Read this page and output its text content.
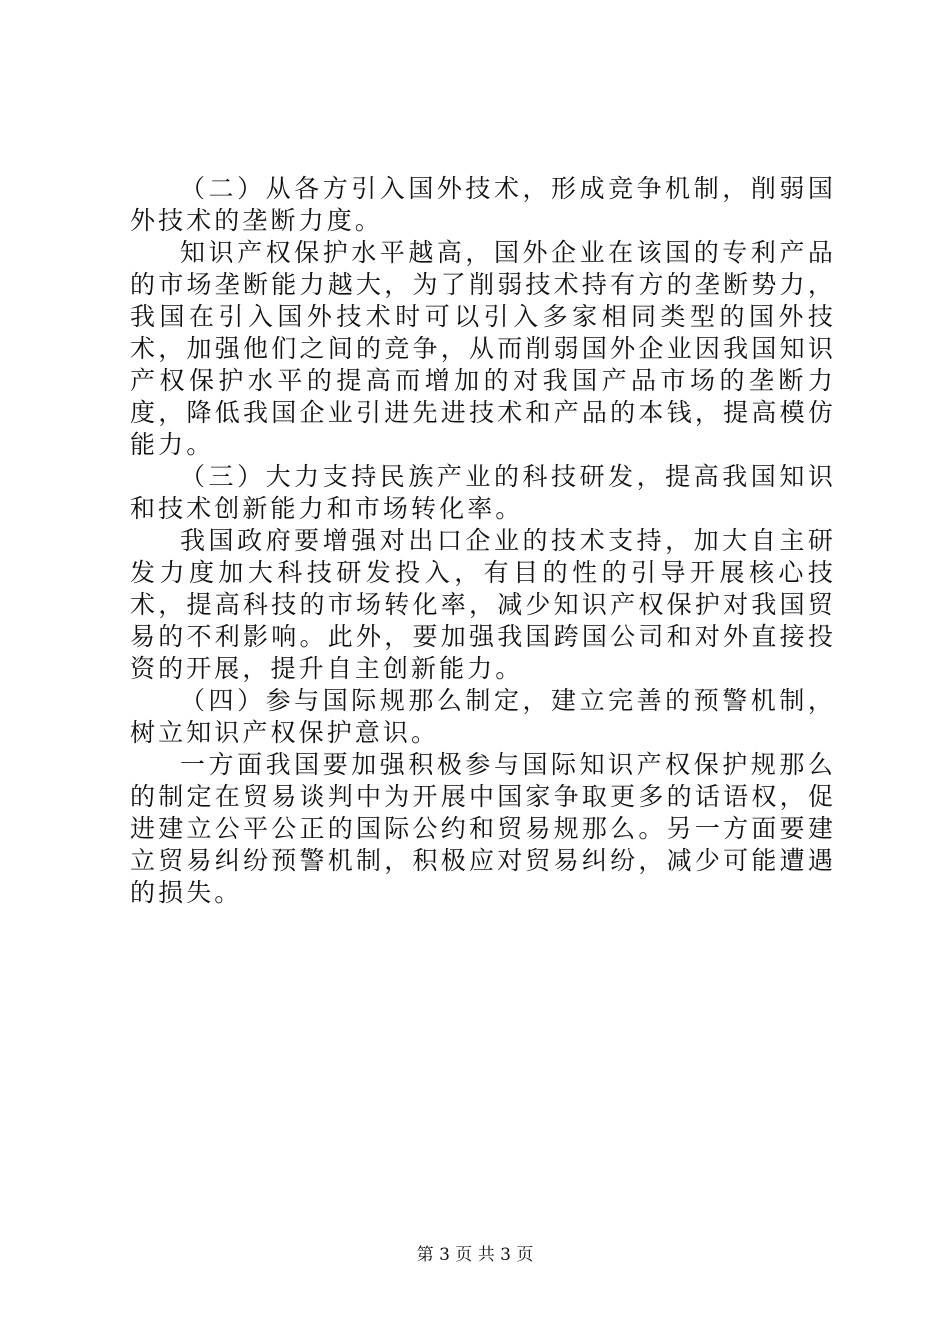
（二）从各方引入国外技术，形成竞争机制，削弱国外技术的垄断力度。

知识产权保护水平越高，国外企业在该国的专利产品的市场垄断能力越大，为了削弱技术持有方的垄断势力，我国在引入国外技术时可以引入多家相同类型的国外技术，加强他们之间的竞争，从而削弱国外企业因我国知识产权保护水平的提高而增加的对我国产品市场的垄断力度，降低我国企业引进先进技术和产品的本钱，提高模仿能力。

（三）大力支持民族产业的科技研发，提高我国知识和技术创新能力和市场转化率。

我国政府要增强对出口企业的技术支持，加大自主研发力度加大科技研发投入，有目的性的引导开展核心技术，提高科技的市场转化率，减少知识产权保护对我国贸易的不利影响。此外，要加强我国跨国公司和对外直接投资的开展，提升自主创新能力。

（四）参与国际规那么制定，建立完善的预警机制，树立知识产权保护意识。

一方面我国要加强积极参与国际知识产权保护规那么的制定在贸易谈判中为开展中国家争取更多的话语权，促进建立公平公正的国际公约和贸易规那么。另一方面要建立贸易纠纷预警机制，积极应对贸易纠纷，减少可能遭遇的损失。

第 3 页 共 3 页
